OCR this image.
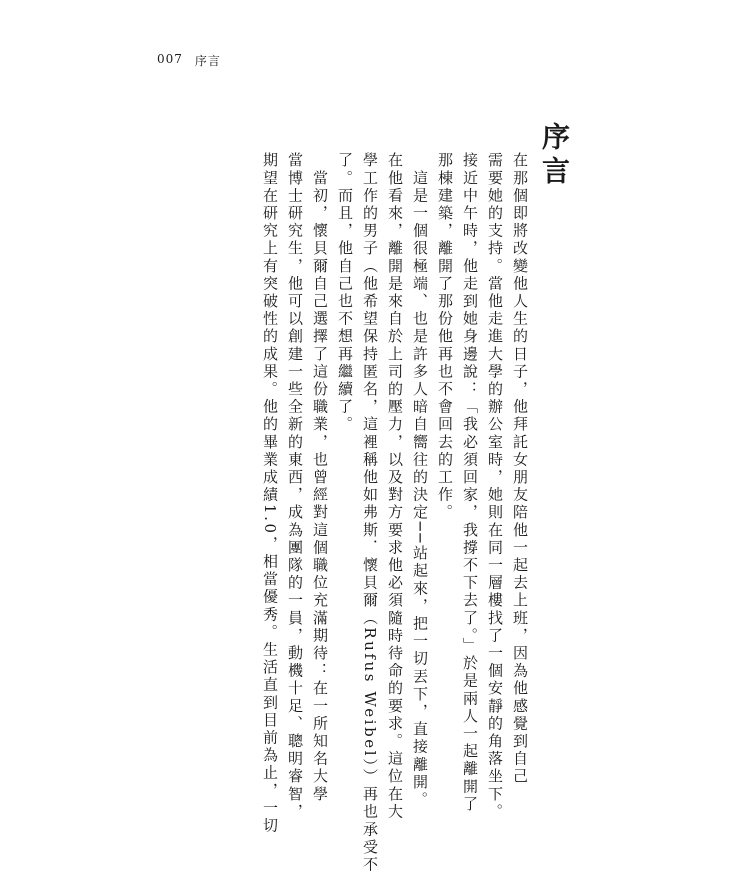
007 序言
序言
在那個即將改變他人生的日子，他拜託女朋友陪他一起去上班，因為他感覺到自己
需要她的支持。當他走進大學的辦公室時，她則在同一層樓找了一個安靜的角落坐下。
接近中午時，他走到她身邊說：「我必須回家，我撐不下去了。」於是兩人一起離開了
那棟建築，離開了那份他再也不會回去的工作。
　這是一個很極端、也是許多人暗自嚮往的決定──站起來，把一切丟下，直接離開。
在他看來，離開是來自於上司的壓力，以及對方要求他必須隨時待命的要求。這位在大
學工作的男子（他希望保持匿名，這裡稱他如弗斯．懷貝爾（Rufus Weibel））再也承受不
了。而且，他自己也不想再繼續了。
　當初，懷貝爾自己選擇了這份職業，也曾經對這個職位充滿期待：在一所知名大學
當博士研究生，他可以創建一些全新的東西，成為團隊的一員，動機十足、聰明睿智，
期望在研究上有突破性的成果。他的畢業成績1.0，相當優秀。生活直到目前為止，一切
